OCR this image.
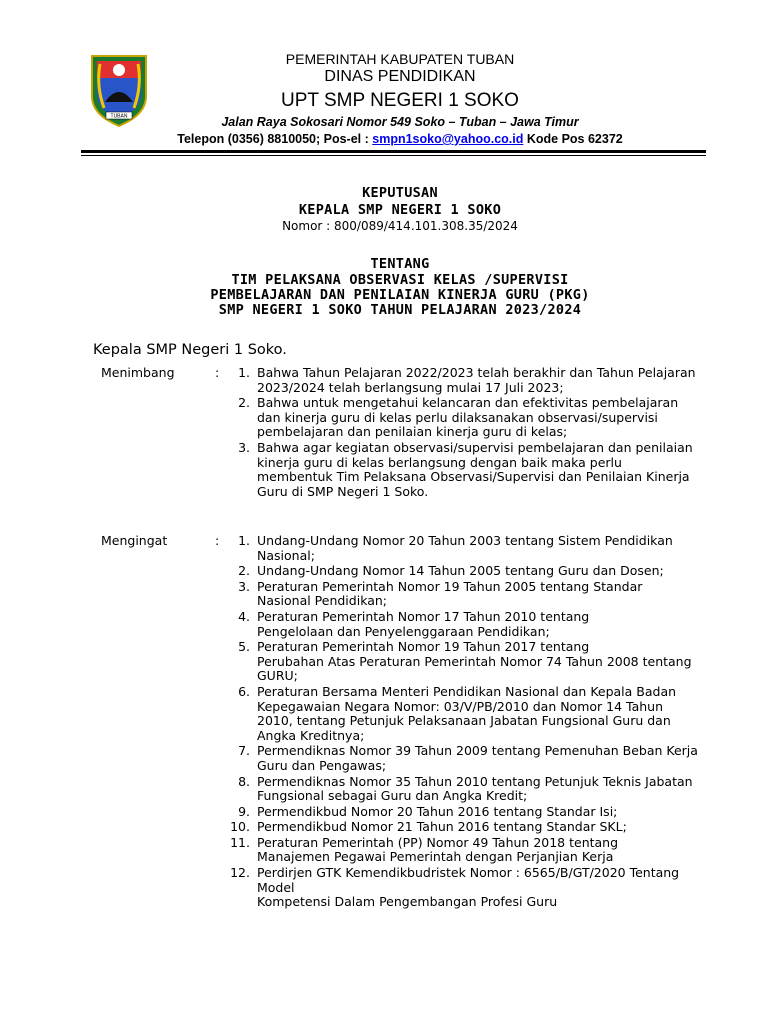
TUBAN
PEMERINTAH KABUPATEN TUBAN
DINAS PENDIDIKAN
UPT SMP NEGERI 1 SOKO
Jalan Raya Sokosari Nomor 549 Soko – Tuban – Jawa Timur
Telepon (0356) 8810050; Pos-el : smpn1soko@yahoo.co.id Kode Pos 62372
KEPUTUSAN
KEPALA SMP NEGERI 1 SOKO
Nomor : 800/089/414.101.308.35/2024
TENTANG
TIM PELAKSANA OBSERVASI KELAS /SUPERVISI
PEMBELAJARAN DAN PENILAIAN KINERJA GURU (PKG)
SMP NEGERI 1 SOKO TAHUN PELAJARAN 2023/2024
Kepala SMP Negeri 1 Soko.
Menimbang	:	1. Bahwa Tahun Pelajaran 2022/2023 telah berakhir dan Tahun Pelajaran
2023/2024 telah berlangsung mulai 17 Juli 2023;
2. Bahwa untuk mengetahui kelancaran dan efektivitas pembelajaran dan kinerja guru di kelas perlu dilaksanakan observasi/supervisi pembelajaran dan penilaian kinerja guru di kelas;
3. Bahwa agar kegiatan observasi/supervisi pembelajaran dan penilaian kinerja guru di kelas berlangsung dengan baik maka perlu membentuk Tim Pelaksana Observasi/Supervisi dan Penilaian Kinerja Guru di SMP Negeri 1 Soko.
Mengingat	:	1. Undang-Undang Nomor 20 Tahun 2003 tentang Sistem Pendidikan Nasional;
2. Undang-Undang Nomor 14 Tahun 2005 tentang Guru dan Dosen;
3. Peraturan Pemerintah Nomor 19 Tahun 2005 tentang Standar Nasional Pendidikan;
4. Peraturan Pemerintah Nomor 17 Tahun 2010 tentang
Pengelolaan dan Penyelenggaraan Pendidikan;
5. Peraturan Pemerintah Nomor 19 Tahun 2017 tentang
Perubahan Atas Peraturan Pemerintah Nomor 74 Tahun 2008 tentang GURU;
6. Peraturan Bersama Menteri Pendidikan Nasional dan Kepala Badan Kepegawaian Negara Nomor: 03/V/PB/2010 dan Nomor 14 Tahun 2010, tentang Petunjuk Pelaksanaan Jabatan Fungsional Guru dan Angka Kreditnya;
7. Permendiknas Nomor 39 Tahun 2009 tentang Pemenuhan Beban Kerja Guru dan Pengawas;
8. Permendiknas Nomor 35 Tahun 2010 tentang Petunjuk Teknis Jabatan Fungsional sebagai Guru dan Angka Kredit;
9. Permendikbud Nomor 20 Tahun 2016 tentang Standar Isi;
10. Permendikbud Nomor 21 Tahun 2016 tentang Standar SKL;
11. Peraturan Pemerintah (PP) Nomor 49 Tahun 2018 tentang
Manajemen Pegawai Pemerintah dengan Perjanjian Kerja
12. Perdirjen GTK Kemendikbudristek Nomor : 6565/B/GT/2020 Tentang Model
Kompetensi Dalam Pengembangan Profesi Guru
